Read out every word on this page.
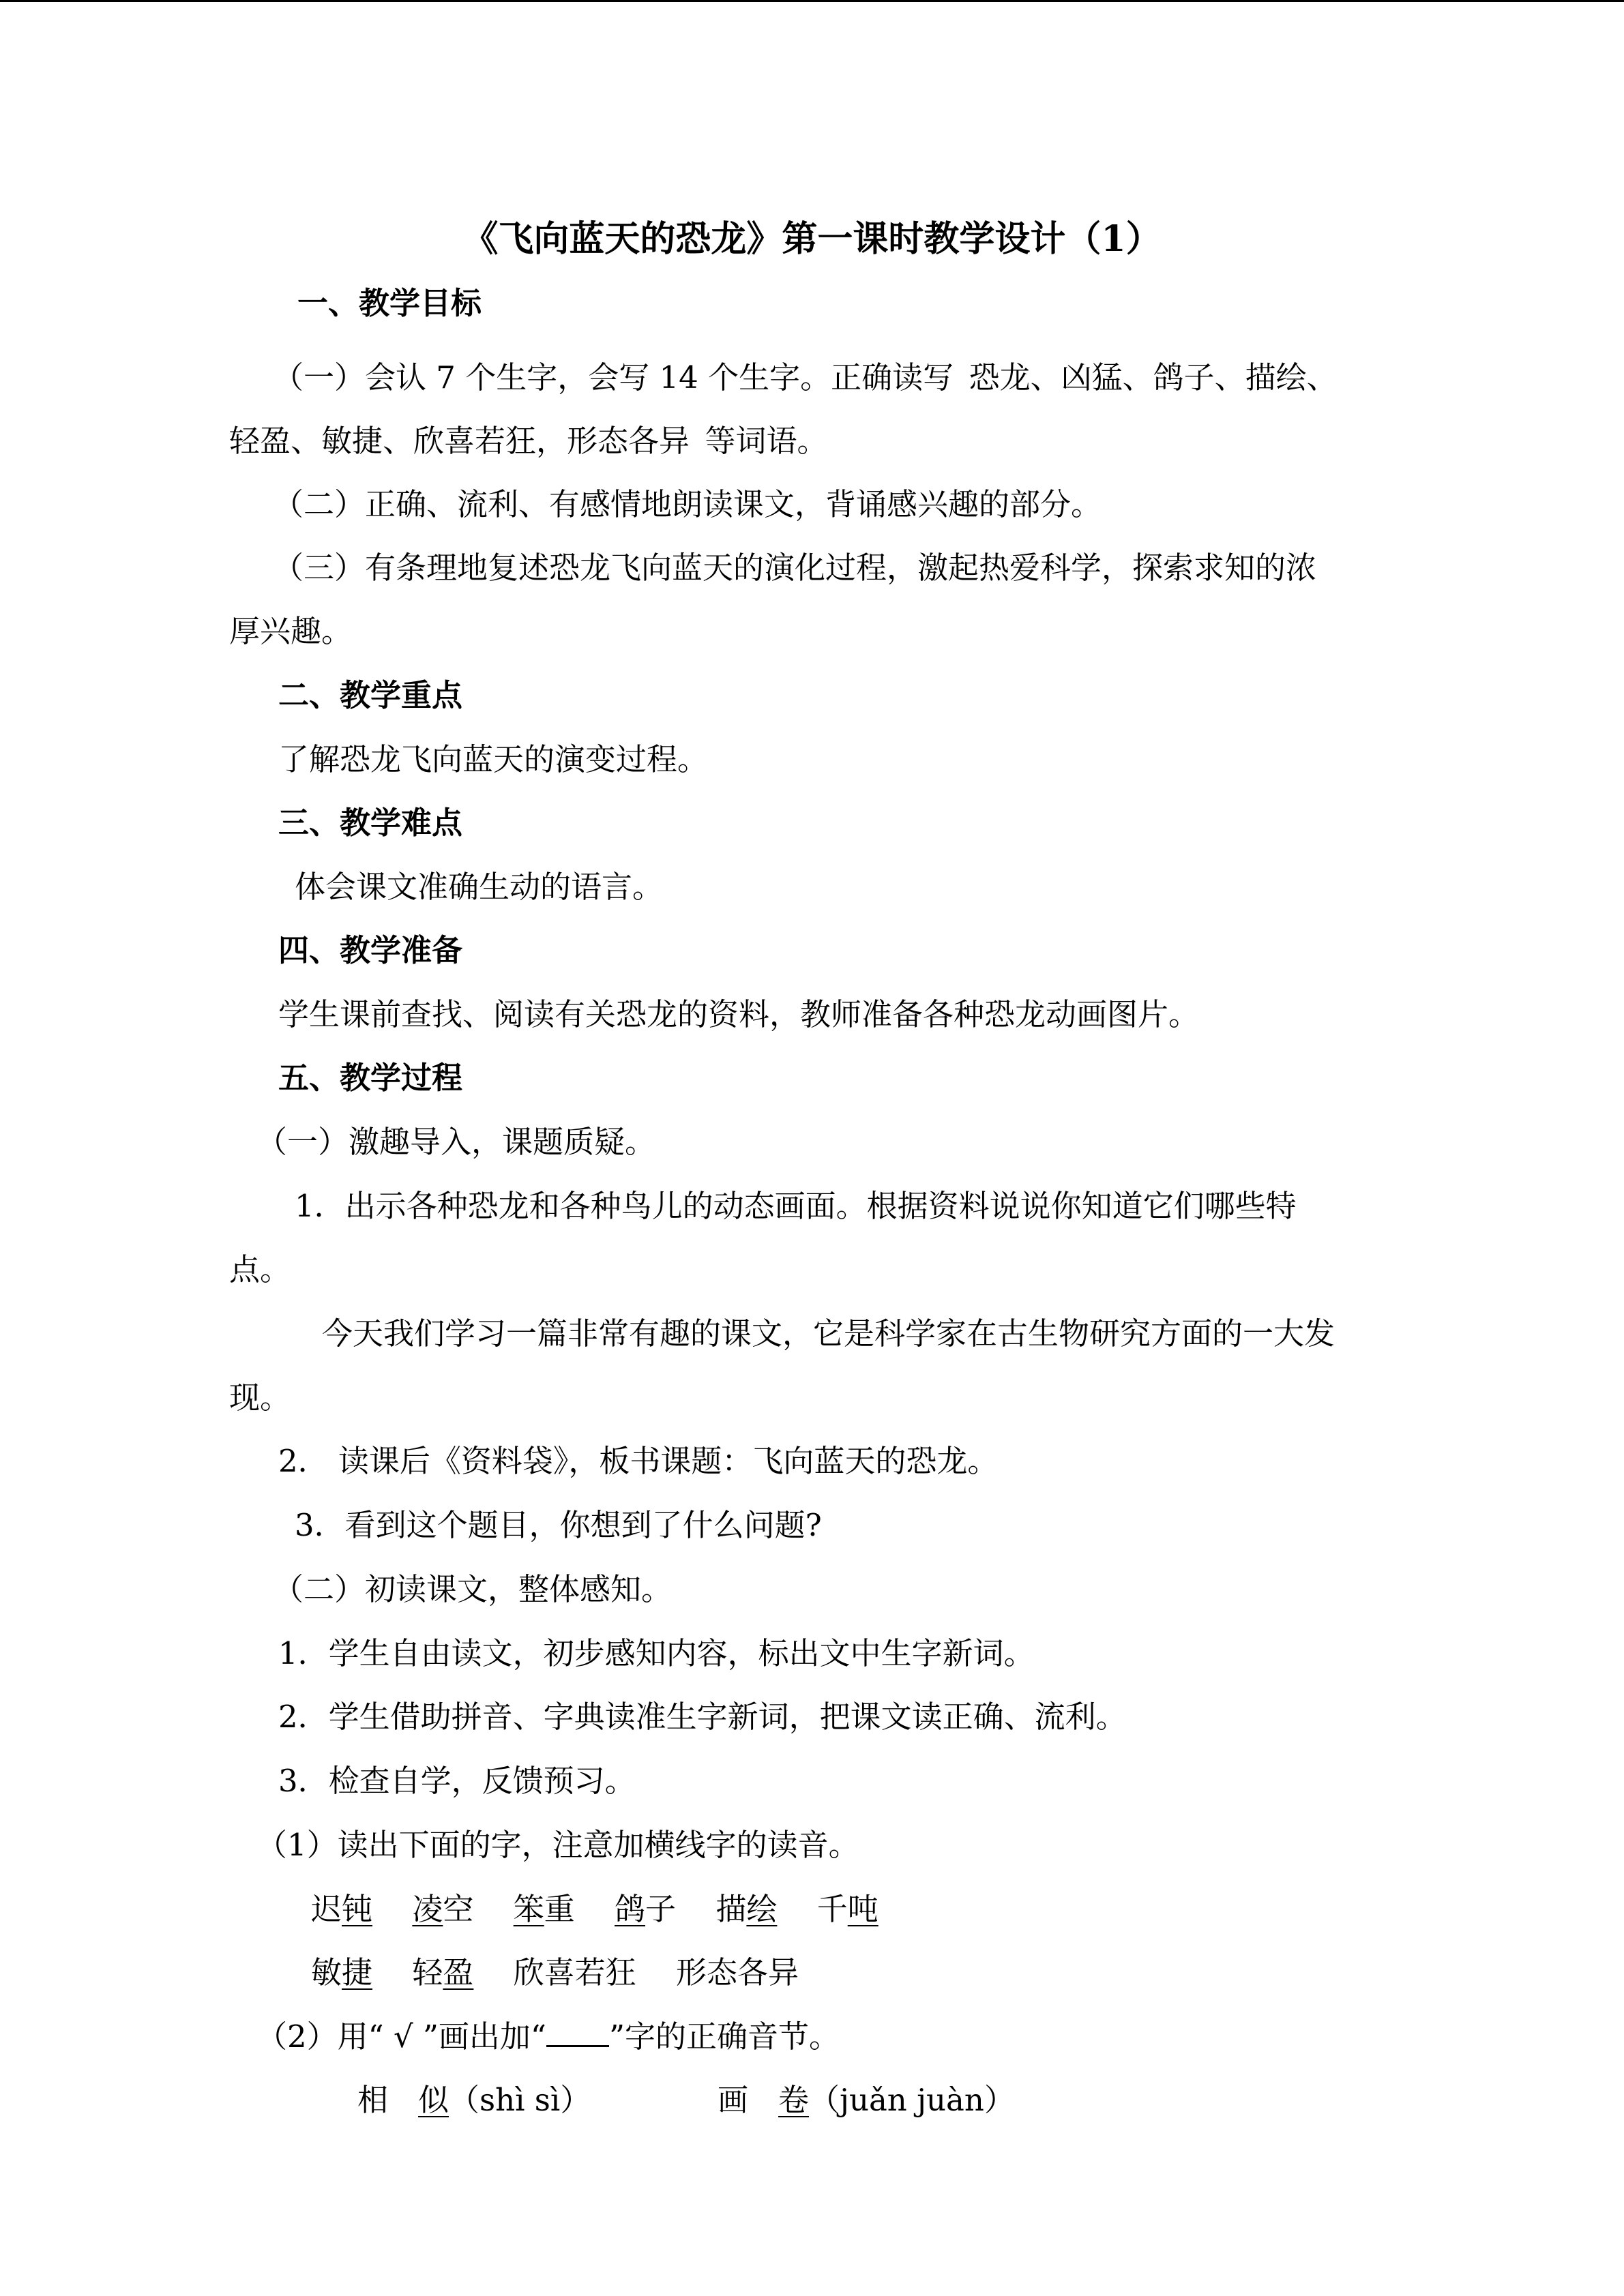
《飞向蓝天的恐龙》第一课时教学设计（1）
一、教学目标
（一）会认 7 个生字，会写 14 个生字。正确读写 恐龙、凶猛、鸽子、描绘、
轻盈、敏捷、欣喜若狂，形态各异 等词语。
（二）正确、流利、有感情地朗读课文，背诵感兴趣的部分。
（三）有条理地复述恐龙飞向蓝天的演化过程，激起热爱科学，探索求知的浓
厚兴趣。
二、教学重点
了解恐龙飞向蓝天的演变过程。
三、教学难点
体会课文准确生动的语言。
四、教学准备
学生课前查找、阅读有关恐龙的资料，教师准备各种恐龙动画图片。
五、教学过程
（一）激趣导入，课题质疑。
1．出示各种恐龙和各种鸟儿的动态画面。根据资料说说你知道它们哪些特
点。
今天我们学习一篇非常有趣的课文，它是科学家在古生物研究方面的一大发
现。
2． 读课后《资料袋》，板书课题：飞向蓝天的恐龙。
3．看到这个题目，你想到了什么问题?
（二）初读课文，整体感知。
1．学生自由读文，初步感知内容，标出文中生字新词。
2．学生借助拼音、字典读准生字新词，把课文读正确、流利。
3．检查自学，反馈预习。
（1）读出下面的字，注意加横线字的读音。
迟钝 凌空 笨重 鸽子 描绘 千吨
敏捷 轻盈 欣喜若狂 形态各异
（2）用“ √ ”画出加“ ”字的正确音节。
相 似（shì sì）	画 卷（juǎn juàn）
